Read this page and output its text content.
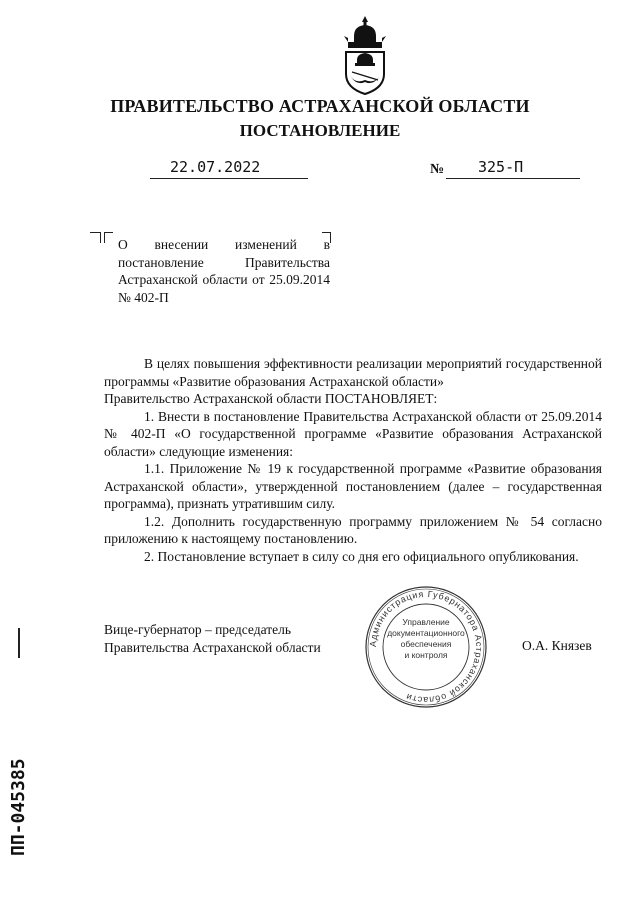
ПРАВИТЕЛЬСТВО АСТРАХАНСКОЙ ОБЛАСТИ
ПОСТАНОВЛЕНИЕ
22.07.2022	№ 325-П
О внесении изменений в постановление Правительства Астраханской области от 25.09.2014 № 402-П

В целях повышения эффективности реализации мероприятий государственной программы «Развитие образования Астраханской области»

Правительство Астраханской области ПОСТАНОВЛЯЕТ:

1. Внести в постановление Правительства Астраханской области от 25.09.2014 № 402-П «О государственной программе «Развитие образования Астраханской области» следующие изменения:

1.1. Приложение № 19 к государственной программе «Развитие образования Астраханской области», утвержденной постановлением (далее – государственная программа), признать утратившим силу.

1.2. Дополнить государственную программу приложением № 54 согласно приложению к настоящему постановлению.

2. Постановление вступает в силу со дня его официального опубликования.

Вице-губернатор – председатель
Правительства Астраханской области	О.А. Князев
Администрация Губернатора Астраханской области
Управление
документационного
обеспечения
и контроля
ПП-045385
